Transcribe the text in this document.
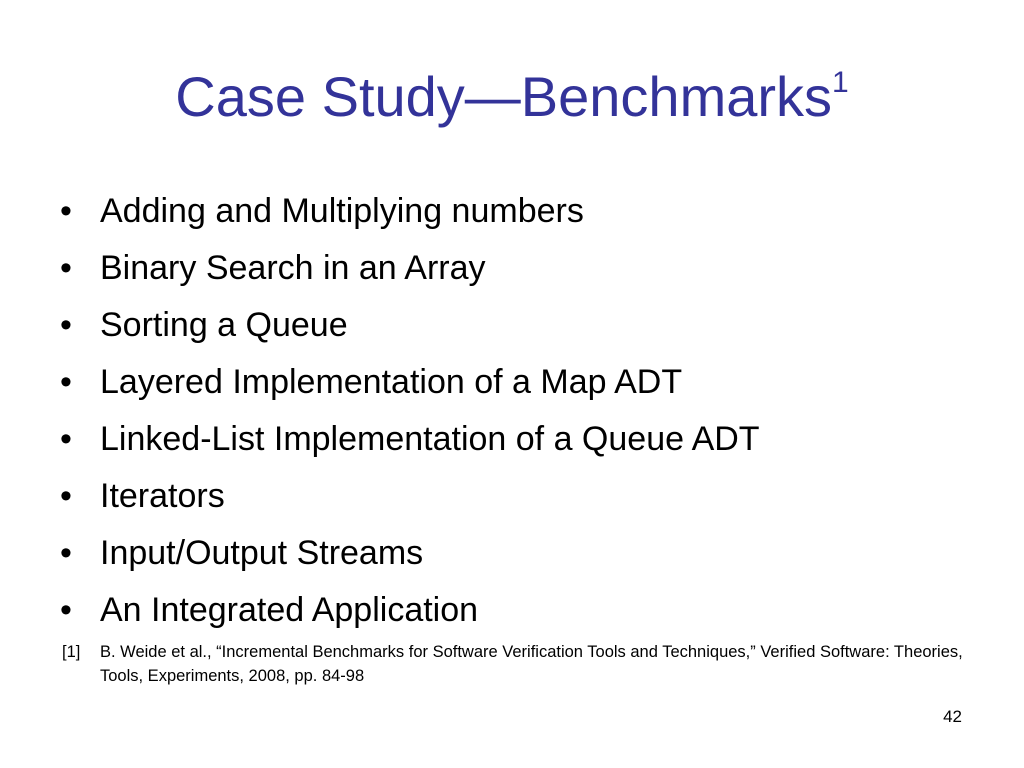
Case Study—Benchmarks$^1$
• Adding and Multiplying numbers
• Binary Search in an Array
• Sorting a Queue
• Layered Implementation of a Map ADT
• Linked-List Implementation of a Queue ADT
• Iterators
• Input/Output Streams
• An Integrated Application
[1] B. Weide et al., “Incremental Benchmarks for Software Verification Tools and Techniques,” Verified Software: Theories, Tools, Experiments, 2008, pp. 84-98
42
